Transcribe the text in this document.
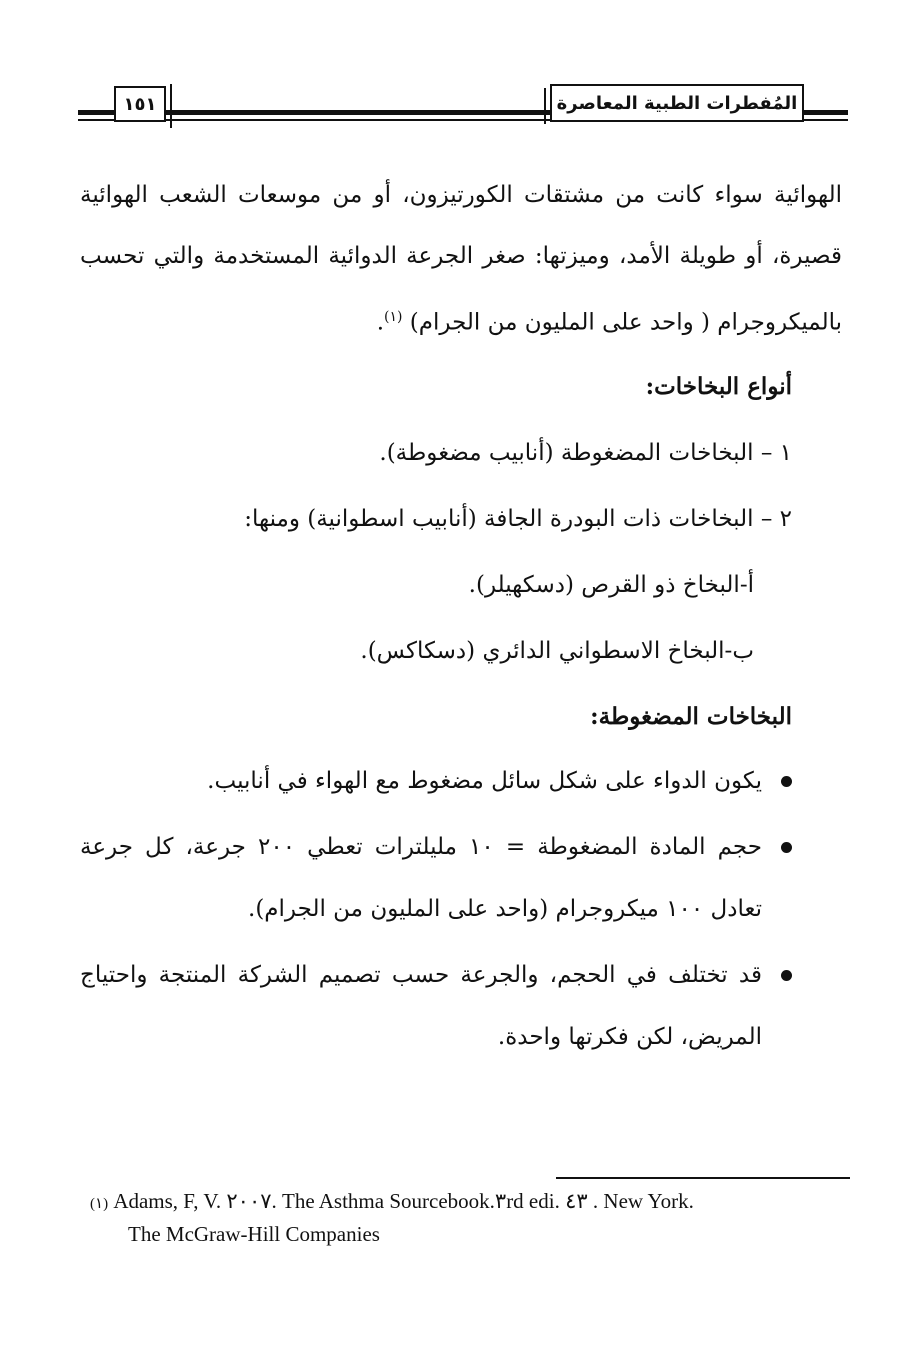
١٥١	المُفطرات الطبية المعاصرة

الهوائية سواء كانت من مشتقات الكورتيزون، أو من موسعات الشعب الهوائية قصيرة، أو طويلة الأمد، وميزتها: صغر الجرعة الدوائية المستخدمة والتي تحسب بالميكروجرام ( واحد على المليون من الجرام) $^{(١)}$.

أنواع البخاخات:

١ – البخاخات المضغوطة (أنابيب مضغوطة).

٢ – البخاخات ذات البودرة الجافة (أنابيب اسطوانية) ومنها:

أ-البخاخ ذو القرص (دسكهيلر).

ب-البخاخ الاسطواني الدائري (دسكاكس).

البخاخات المضغوطة:

يكون الدواء على شكل سائل مضغوط مع الهواء في أنابيب.
حجم المادة المضغوطة = ١٠ مليلترات تعطي ٢٠٠ جرعة، كل جرعة تعادل ١٠٠ ميكروجرام (واحد على المليون من الجرام).
قد تختلف في الحجم، والجرعة حسب تصميم الشركة المنتجة واحتياج المريض، لكن فكرتها واحدة.
(١) Adams, F, V. ٢٠٠٧. The Asthma Sourcebook.٣rd edi. ٤٣ . New York.
The McGraw-Hill Companies
